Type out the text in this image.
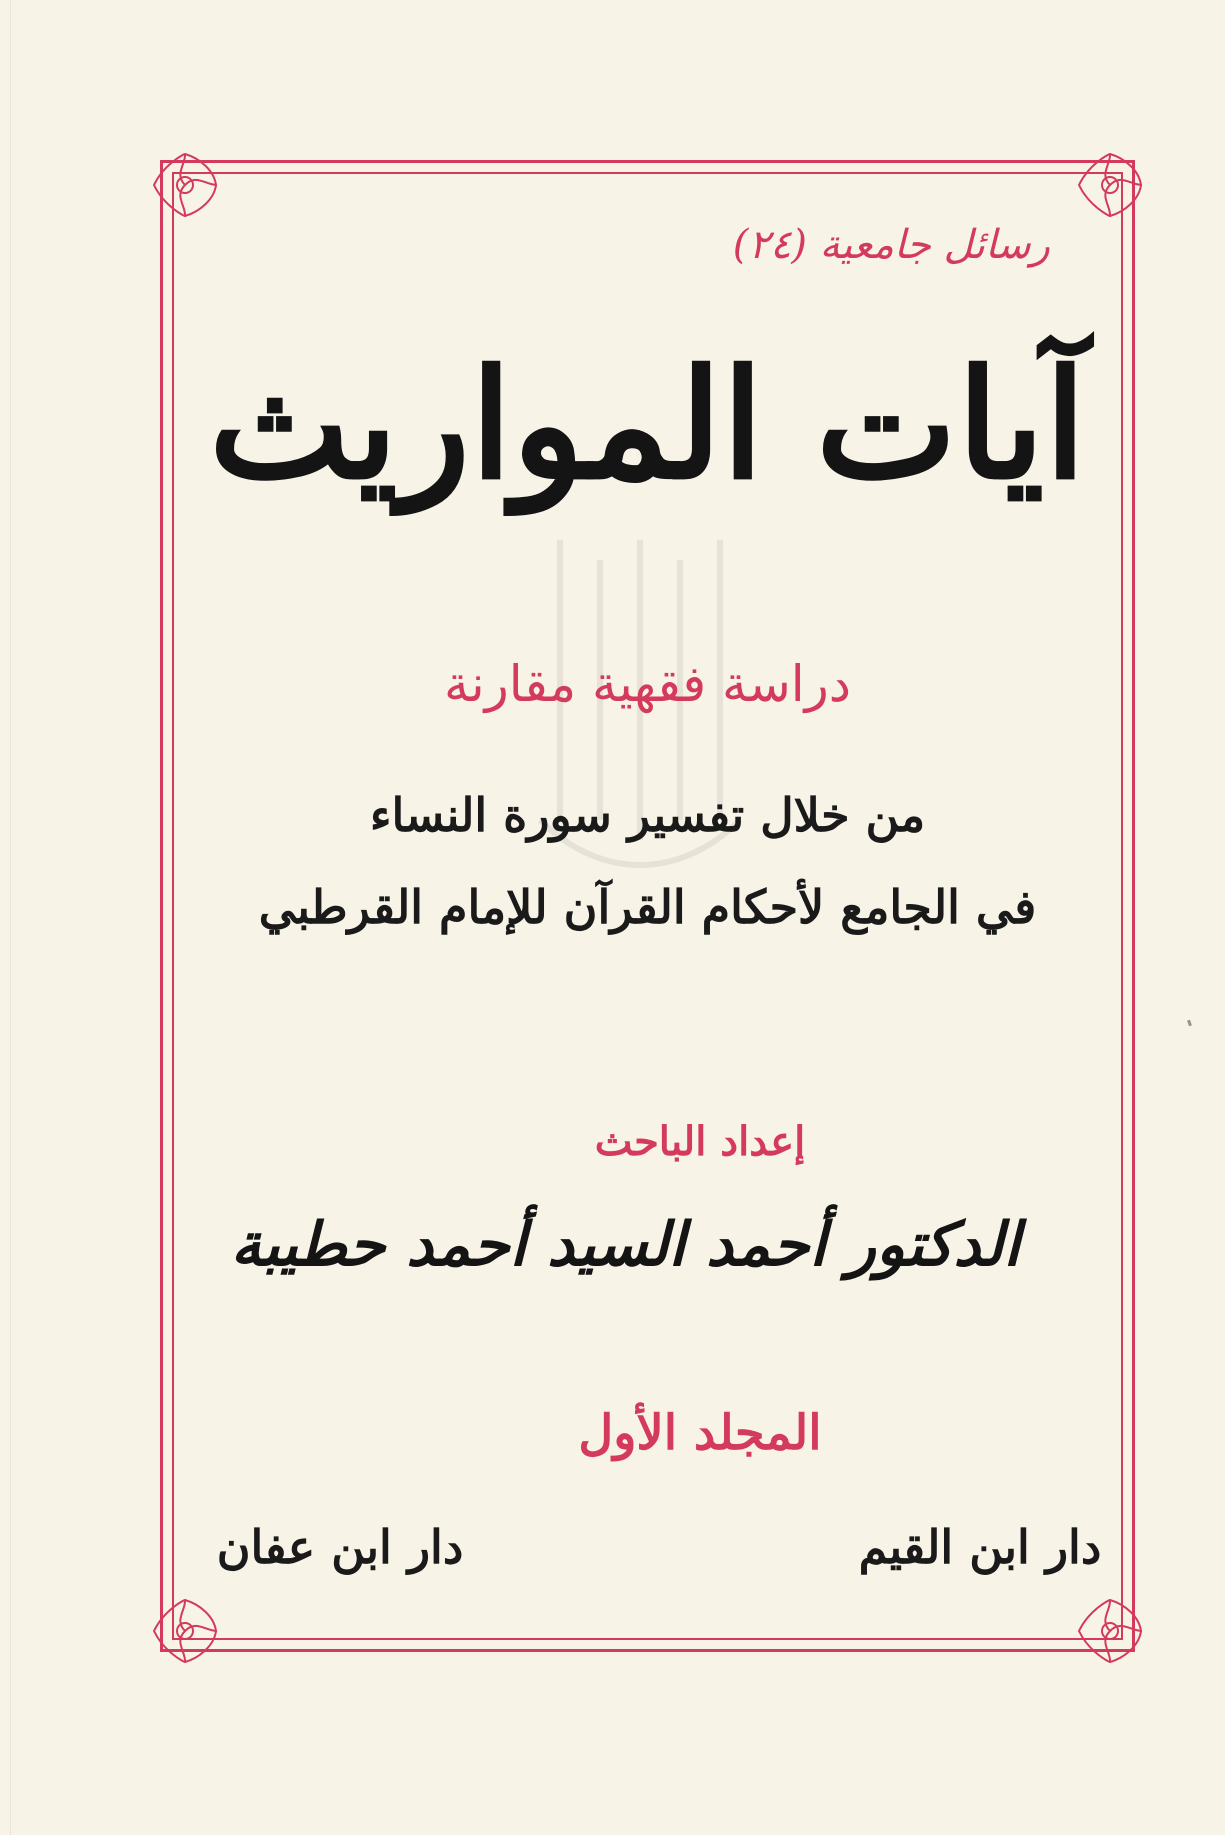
رسائل جامعية (٢٤)
آيات المواريث
دراسة فقهية مقارنة
من خلال تفسير سورة النساء
في الجامع لأحكام القرآن للإمام القرطبي
إعداد الباحث
الدكتور أحمد السيد أحمد حطيبة
المجلد الأول
دار ابن القيم
دار ابن عفان
